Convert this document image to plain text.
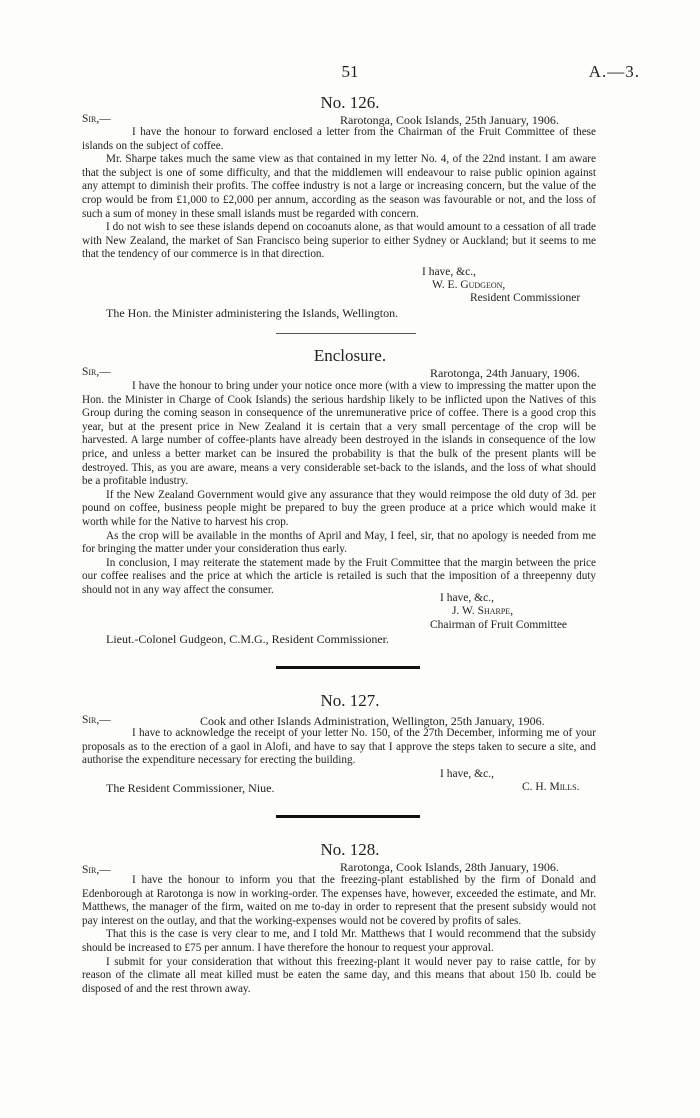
51	A.—3.
No. 126.
Sir,—	Rarotonga, Cook Islands, 25th January, 1906.

I have the honour to forward enclosed a letter from the Chairman of the Fruit Committee of these islands on the subject of coffee.

Mr. Sharpe takes much the same view as that contained in my letter No. 4, of the 22nd instant. I am aware that the subject is one of some difficulty, and that the middlemen will endeavour to raise public opinion against any attempt to diminish their profits. The coffee industry is not a large or increasing concern, but the value of the crop would be from £1,000 to £2,000 per annum, according as the season was favourable or not, and the loss of such a sum of money in these small islands must be regarded with concern.

I do not wish to see these islands depend on cocoanuts alone, as that would amount to a cessation of all trade with New Zealand, the market of San Francisco being superior to either Sydney or Auckland; but it seems to me that the tendency of our commerce is in that direction.

I have, &c.,
W. E. Gudgeon,
Resident Commissioner
The Hon. the Minister administering the Islands, Wellington.
Enclosure.
Sir,—	Rarotonga, 24th January, 1906.

I have the honour to bring under your notice once more (with a view to impressing the matter upon the Hon. the Minister in Charge of Cook Islands) the serious hardship likely to be inflicted upon the Natives of this Group during the coming season in consequence of the unremunerative price of coffee. There is a good crop this year, but at the present price in New Zealand it is certain that a very small percentage of the crop will be harvested. A large number of coffee-plants have already been destroyed in the islands in consequence of the low price, and unless a better market can be insured the probability is that the bulk of the present plants will be destroyed. This, as you are aware, means a very considerable set-back to the islands, and the loss of what should be a profitable industry.

If the New Zealand Government would give any assurance that they would reimpose the old duty of 3d. per pound on coffee, business people might be prepared to buy the green produce at a price which would make it worth while for the Native to harvest his crop.

As the crop will be available in the months of April and May, I feel, sir, that no apology is needed from me for bringing the matter under your consideration thus early.

In conclusion, I may reiterate the statement made by the Fruit Committee that the margin between the price our coffee realises and the price at which the article is retailed is such that the imposition of a threepenny duty should not in any way affect the consumer.

I have, &c.,
J. W. Sharpe,
Chairman of Fruit Committee
Lieut.-Colonel Gudgeon, C.M.G., Resident Commissioner.
No. 127.
Sir,—	Cook and other Islands Administration, Wellington, 25th January, 1906.

I have to acknowledge the receipt of your letter No. 150, of the 27th December, informing me of your proposals as to the erection of a gaol in Alofi, and have to say that I approve the steps taken to secure a site, and authorise the expenditure necessary for erecting the building.

I have, &c.,
The Resident Commissioner, Niue.	C. H. Mills.
No. 128.
Sir,—	Rarotonga, Cook Islands, 28th January, 1906.

I have the honour to inform you that the freezing-plant established by the firm of Donald and Edenborough at Rarotonga is now in working-order. The expenses have, however, exceeded the estimate, and Mr. Matthews, the manager of the firm, waited on me to-day in order to represent that the present subsidy would not pay interest on the outlay, and that the working-expenses would not be covered by profits of sales.

That this is the case is very clear to me, and I told Mr. Matthews that I would recommend that the subsidy should be increased to £75 per annum. I have therefore the honour to request your approval.

I submit for your consideration that without this freezing-plant it would never pay to raise cattle, for by reason of the climate all meat killed must be eaten the same day, and this means that about 150 lb. could be disposed of and the rest thrown away.
